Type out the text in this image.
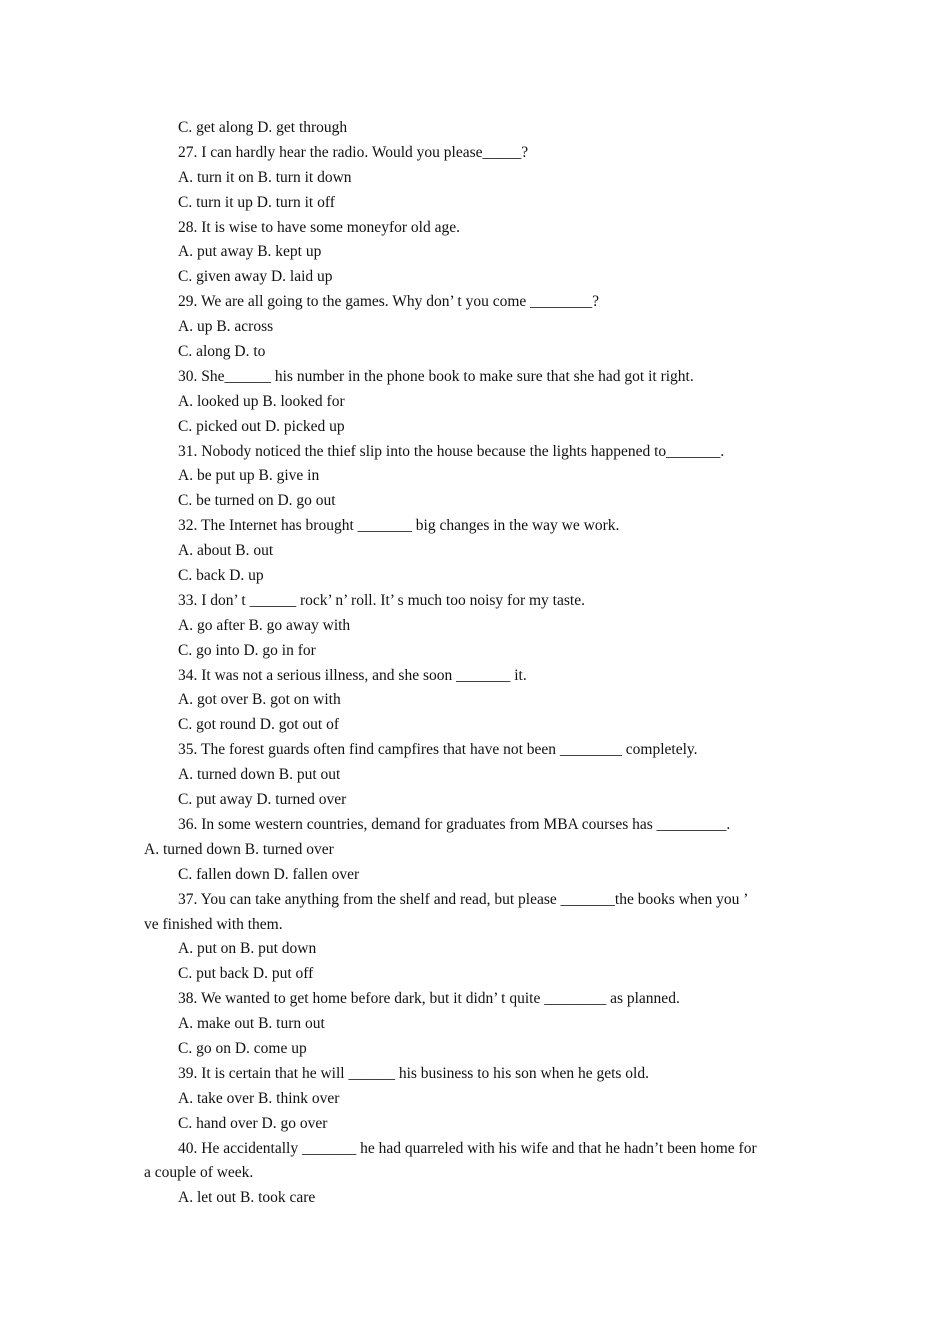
C. get along D. get through

27. I can hardly hear the radio. Would you please_____?

A. turn it on B. turn it down

C. turn it up D. turn it off

28. It is wise to have some moneyfor old age.

A. put away B. kept up

C. given away D. laid up

29. We are all going to the games. Why don’ t you come ________?

A. up B. across

C. along D. to

30. She______ his number in the phone book to make sure that she had got it right.

A. looked up B. looked for

C. picked out D. picked up

31. Nobody noticed the thief slip into the house because the lights happened to_______.

A. be put up B. give in

C. be turned on D. go out

32. The Internet has brought _______ big changes in the way we work.

A. about B. out

C. back D. up

33. I don’ t ______ rock’ n’ roll. It’ s much too noisy for my taste.

A. go after B. go away with

C. go into D. go in for

34. It was not a serious illness, and she soon _______ it.

A. got over B. got on with

C. got round D. got out of

35. The forest guards often find campfires that have not been ________ completely.

A. turned down B. put out

C. put away D. turned over

36. In some western countries, demand for graduates from MBA courses has _________.

A. turned down B. turned over

C. fallen down D. fallen over

37. You can take anything from the shelf and read, but please _______the books when you ’

ve finished with them.

A. put on B. put down

C. put back D. put off

38. We wanted to get home before dark, but it didn’ t quite ________ as planned.

A. make out B. turn out

C. go on D. come up

39. It is certain that he will ______ his business to his son when he gets old.

A. take over B. think over

C. hand over D. go over

40. He accidentally _______ he had quarreled with his wife and that he hadn’t been home for

a couple of week.

A. let out B. took care
